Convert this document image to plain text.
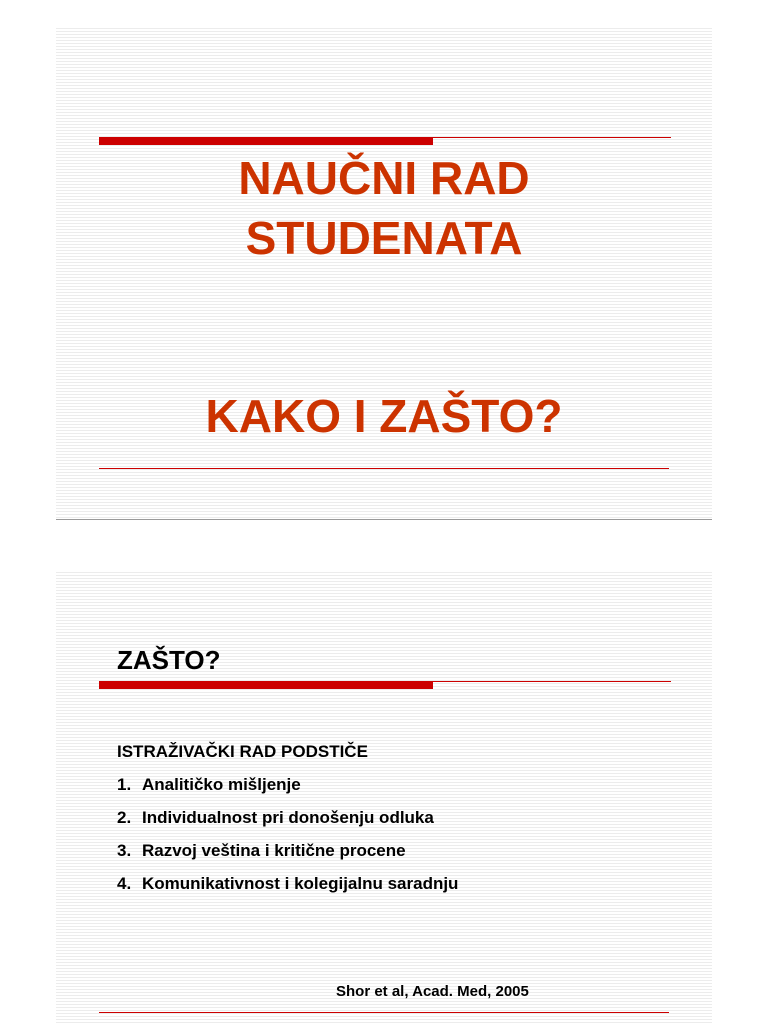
NAUČNI RAD
STUDENATA
KAKO I ZAŠTO?
ZAŠTO?
ISTRAŽIVAČKI RAD PODSTIČE
1. Analitičko mišljenje
2. Individualnost pri donošenju odluka
3. Razvoj veština i kritične procene
4. Komunikativnost i kolegijalnu saradnju
Shor et al, Acad. Med, 2005
